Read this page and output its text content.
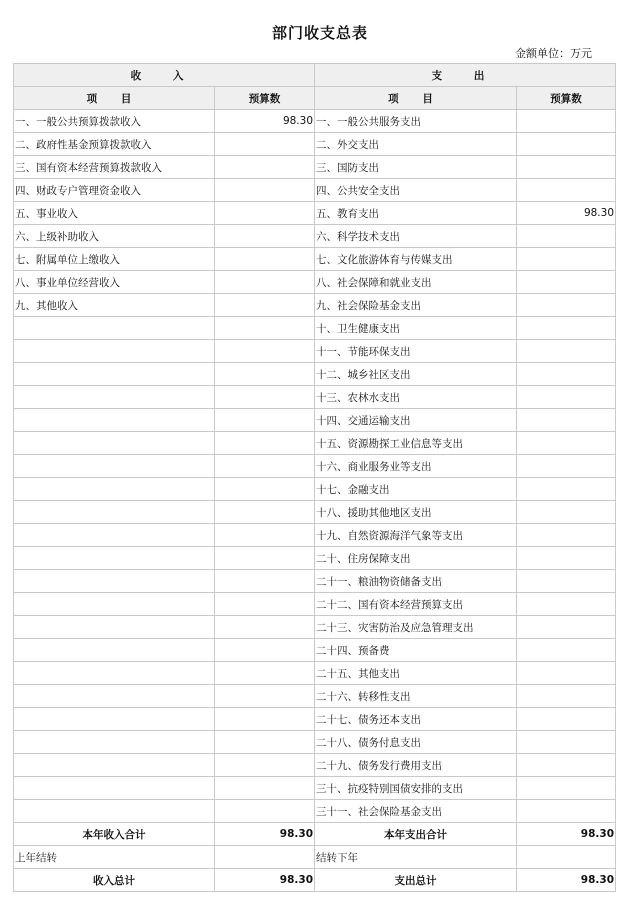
部门收支总表
金额单位：万元
收 入		支 出	
项 目	预算数	项 目	预算数
一、一般公共预算拨款收入	98.30	一、一般公共服务支出	
二、政府性基金预算拨款收入		二、外交支出	
三、国有资本经营预算拨款收入		三、国防支出	
四、财政专户管理资金收入		四、公共安全支出	
五、事业收入		五、教育支出	98.30
六、上级补助收入		六、科学技术支出	
七、附属单位上缴收入		七、文化旅游体育与传媒支出	
八、事业单位经营收入		八、社会保障和就业支出	
九、其他收入		九、社会保险基金支出	
		十、卫生健康支出	
		十一、节能环保支出	
		十二、城乡社区支出	
		十三、农林水支出	
		十四、交通运输支出	
		十五、资源勘探工业信息等支出	
		十六、商业服务业等支出	
		十七、金融支出	
		十八、援助其他地区支出	
		十九、自然资源海洋气象等支出	
		二十、住房保障支出	
		二十一、粮油物资储备支出	
		二十二、国有资本经营预算支出	
		二十三、灾害防治及应急管理支出	
		二十四、预备费	
		二十五、其他支出	
		二十六、转移性支出	
		二十七、债务还本支出	
		二十八、债务付息支出	
		二十九、债务发行费用支出	
		三十、抗疫特别国债安排的支出	
		三十一、社会保险基金支出	
本年收入合计	98.30	本年支出合计	98.30
上年结转		结转下年	
收入总计	98.30	支出总计	98.30
